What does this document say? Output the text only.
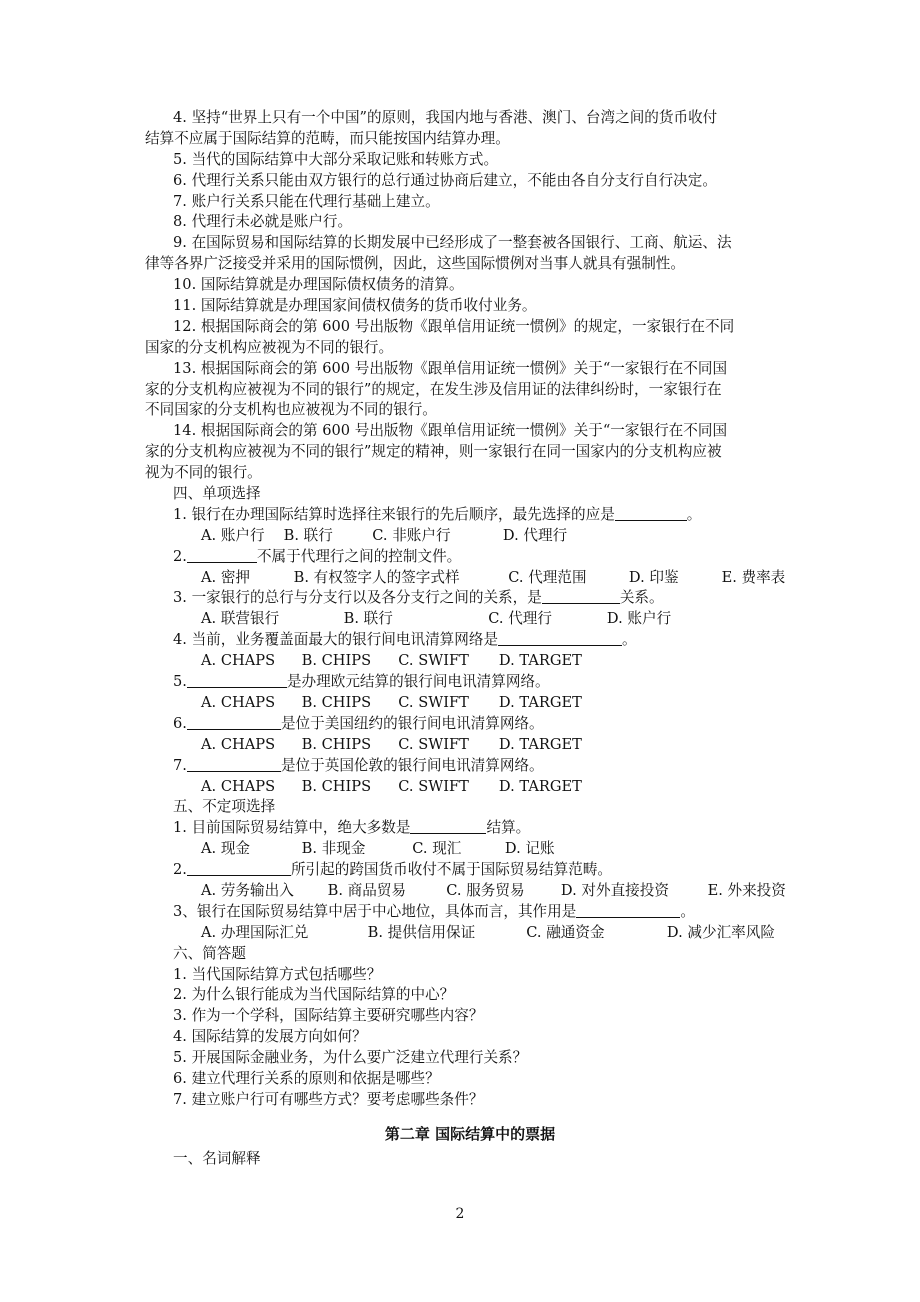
4. 坚持“世界上只有一个中国”的原则，我国内地与香港、澳门、台湾之间的货币收付
结算不应属于国际结算的范畴，而只能按国内结算办理。
5. 当代的国际结算中大部分采取记账和转账方式。
6. 代理行关系只能由双方银行的总行通过协商后建立，不能由各自分支行自行决定。
7. 账户行关系只能在代理行基础上建立。
8. 代理行未必就是账户行。
9. 在国际贸易和国际结算的长期发展中已经形成了一整套被各国银行、工商、航运、法
律等各界广泛接受并采用的国际惯例，因此，这些国际惯例对当事人就具有强制性。
10. 国际结算就是办理国际债权债务的清算。
11. 国际结算就是办理国家间债权债务的货币收付业务。
12. 根据国际商会的第 600 号出版物《跟单信用证统一惯例》的规定，一家银行在不同
国家的分支机构应被视为不同的银行。
13. 根据国际商会的第 600 号出版物《跟单信用证统一惯例》关于“一家银行在不同国
家的分支机构应被视为不同的银行”的规定，在发生涉及信用证的法律纠纷时，一家银行在
不同国家的分支机构也应被视为不同的银行。
14. 根据国际商会的第 600 号出版物《跟单信用证统一惯例》关于“一家银行在不同国
家的分支机构应被视为不同的银行”规定的精神，则一家银行在同一国家内的分支机构应被
视为不同的银行。
四、单项选择
1. 银行在办理国际结算时选择往来银行的先后顺序，最先选择的应是	。
A. 账户行 B. 联行	C. 非账户行	D. 代理行
2.	不属于代理行之间的控制文件。
A. 密押	B. 有权签字人的签字式样	C. 代理范围	D. 印鉴	E. 费率表
3. 一家银行的总行与分支行以及各分支行之间的关系，是	关系。
A. 联营银行	B. 联行	C. 代理行	D. 账户行
4. 当前，业务覆盖面最大的银行间电讯清算网络是	。
A. CHAPS B. CHIPS C. SWIFT D. TARGET
5.	是办理欧元结算的银行间电讯清算网络。
A. CHAPS B. CHIPS C. SWIFT D. TARGET
6.	是位于美国纽约的银行间电讯清算网络。
A. CHAPS B. CHIPS C. SWIFT D. TARGET
7.	是位于英国伦敦的银行间电讯清算网络。
A. CHAPS B. CHIPS C. SWIFT D. TARGET
五、不定项选择
1. 目前国际贸易结算中，绝大多数是	结算。
A. 现金	B. 非现金	C. 现汇	D. 记账
2.	所引起的跨国货币收付不属于国际贸易结算范畴。
A. 劳务输出入 B. 商品贸易	C. 服务贸易 D. 对外直接投资	E. 外来投资
3、银行在国际贸易结算中居于中心地位，具体而言，其作用是	。
A. 办理国际汇兑	B. 提供信用保证	C. 融通资金	D. 减少汇率风险
六、简答题
1. 当代国际结算方式包括哪些？
2. 为什么银行能成为当代国际结算的中心？
3. 作为一个学科，国际结算主要研究哪些内容？
4. 国际结算的发展方向如何？
5. 开展国际金融业务，为什么要广泛建立代理行关系？
6. 建立代理行关系的原则和依据是哪些？
7. 建立账户行可有哪些方式？要考虑哪些条件？
第二章 国际结算中的票据
一、名词解释
2
